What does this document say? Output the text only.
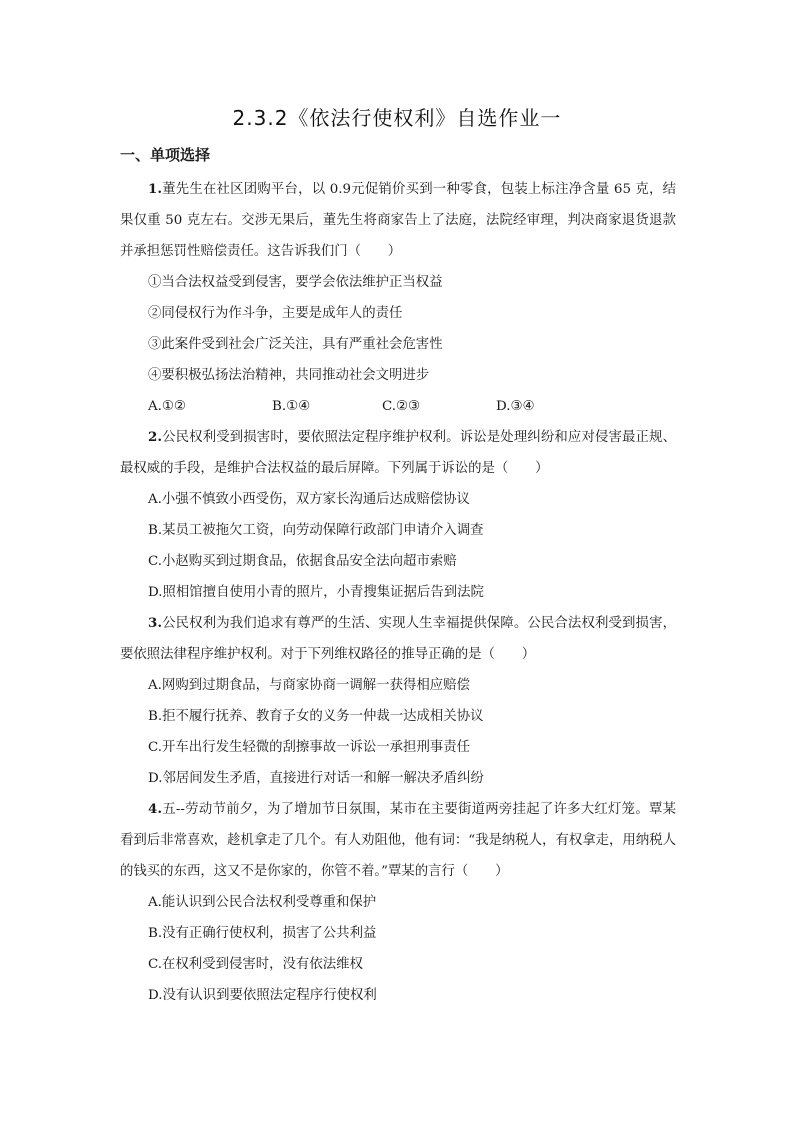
2.3.2《依法行使权利》自选作业一
一、单项选择

1.董先生在社区团购平台，以 0.9元促销价买到一种零食，包装上标注净含量 65 克，结果仅重 50 克左右。交涉无果后，董先生将商家告上了法庭，法院经审理，判决商家退货退款并承担惩罚性赔偿责任。这告诉我们门（　　）

①当合法权益受到侵害，要学会依法维护正当权益

②同侵权行为作斗争，主要是成年人的责任

③此案件受到社会广泛关注，具有严重社会危害性

④要积极弘扬法治精神，共同推动社会文明进步

A.①②	B.①④	C.②③	D.③④

2.公民权利受到损害时，要依照法定程序维护权利。诉讼是处理纠纷和应对侵害最正规、最权威的手段，是维护合法权益的最后屏障。下列属于诉讼的是（　　）

A.小强不慎致小西受伤，双方家长沟通后达成赔偿协议

B.某员工被拖欠工资，向劳动保障行政部门申请介入调查

C.小赵购买到过期食品，依据食品安全法向超市索赔

D.照相馆擅自使用小青的照片，小青搜集证据后告到法院

3.公民权利为我们追求有尊严的生活、实现人生幸福提供保障。公民合法权利受到损害，要依照法律程序维护权利。对于下列维权路径的推导正确的是（　　）

A.网购到过期食品，与商家协商一调解一获得相应赔偿

B.拒不履行抚养、教育子女的义务一仲裁一达成相关协议

C.开车出行发生轻微的刮擦事故一诉讼一承担刑事责任

D.邻居间发生矛盾，直接进行对话一和解一解决矛盾纠纷

4.五--劳动节前夕，为了增加节日氛围，某市在主要街道两旁挂起了许多大红灯笼。覃某看到后非常喜欢，趁机拿走了几个。有人劝阻他，他有词：“我是纳税人，有权拿走，用纳税人的钱买的东西，这又不是你家的，你管不着。”覃某的言行（　　）

A.能认识到公民合法权利受尊重和保护

B.没有正确行使权利，损害了公共利益

C.在权利受到侵害时，没有依法维权

D.没有认识到要依照法定程序行使权利
